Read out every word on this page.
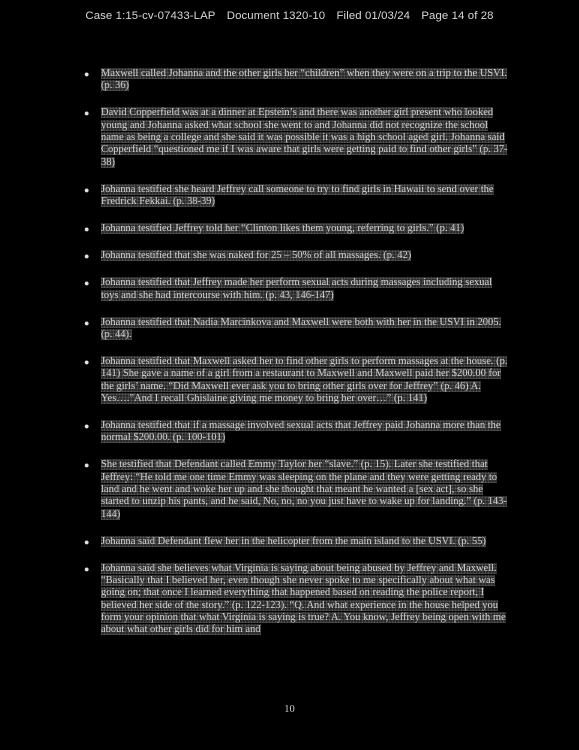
Case 1:15-cv-07433-LAP Document 1320-10 Filed 01/03/24 Page 14 of 28
● Maxwell called Johanna and the other girls her “children” when they were on a trip to the USVI. (p. 36)
● David Copperfield was at a dinner at Epstein’s and there was another girl present who looked young and Johanna asked what school she went to and Johanna did not recognize the school name as being a college and she said it was possible it was a high school aged girl. Johanna said Copperfield “questioned me if I was aware that girls were getting paid to find other girls” (p. 37-38)
● Johanna testified she heard Jeffrey call someone to try to find girls in Hawaii to send over the Fredrick Fekkai. (p. 38-39)
● Johanna testified Jeffrey told her “Clinton likes them young, referring to girls.” (p. 41)
● Johanna testified that she was naked for 25 – 50% of all massages. (p. 42)
● Johanna testified that Jeffrey made her perform sexual acts during massages including sexual toys and she had intercourse with him. (p. 43, 146-147)
● Johanna testified that Nadia Marcinkova and Maxwell were both with her in the USVI in 2005. (p. 44).
● Johanna testified that Maxwell asked her to find other girls to perform massages at the house. (p. 141) She gave a name of a girl from a restaurant to Maxwell and Maxwell paid her $200.00 for the girls’ name. “Did Maxwell ever ask you to bring other girls over for Jeffrey” (p. 46) A. Yes….”And I recall Ghislaine giving me money to bring her over…” (p. 141)
● Johanna testified that if a massage involved sexual acts that Jeffrey paid Johanna more than the normal $200.00. (p. 100-101)
● She testified that Defendant called Emmy Taylor her “slave.” (p. 15). Later she testified that Jeffrey: “He told me one time Emmy was sleeping on the plane and they were getting ready to land and he went and woke her up and she thought that meant he wanted a [sex act], so she started to unzip his pants, and he said, No, no, no you just have to wake up for landing.” (p. 143-144)
● Johanna said Defendant flew her in the helicopter from the main island to the USVI. (p. 55)
● Johanna said she believes what Virginia is saying about being abused by Jeffrey and Maxwell. “Basically that I believed her, even though she never spoke to me specifically about what was going on; that once I learned everything that happened based on reading the police report, I believed her side of the story.” (p. 122-123). “Q. And what experience in the house helped you form your opinion that what Virginia is saying is true? A. You know, Jeffrey being open with me about what other girls did for him and
10
